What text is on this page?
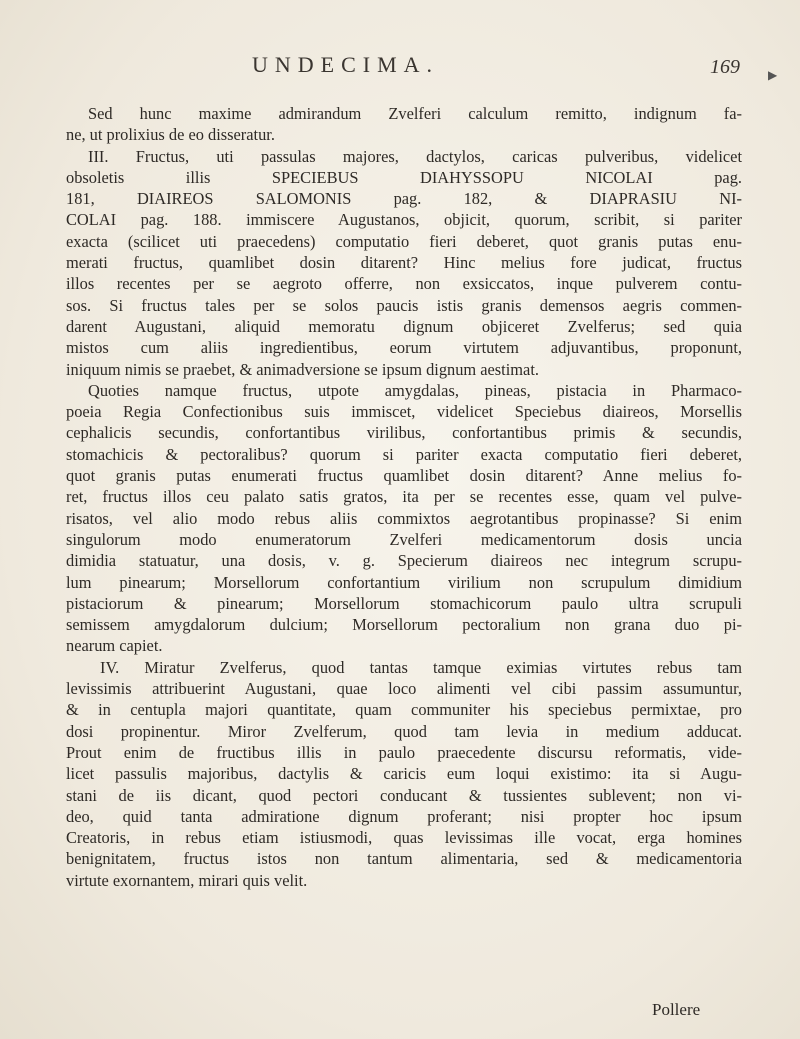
UNDECIMA.	169 ▶
Sed hunc maxime admirandum Zvelferi calculum remitto, indignum fa-
ne, ut prolixius de eo disseratur.
III. Fructus, uti passulas majores, dactylos, caricas pulveribus, videlicet
obsoletis illis SPECIEBUS DIAHYSSOPU NICOLAI pag.
181, DIAIREOS SALOMONIS pag. 182, & DIAPRASIU NI-
COLAI pag. 188. immiscere Augustanos, objicit, quorum, scribit, si pariter
exacta (scilicet uti praecedens) computatio fieri deberet, quot granis putas enu-
merati fructus, quamlibet dosin ditarent? Hinc melius fore judicat, fructus
illos recentes per se aegroto offerre, non exsiccatos, inque pulverem contu-
sos. Si fructus tales per se solos paucis istis granis demensos aegris commen-
darent Augustani, aliquid memoratu dignum objiceret Zvelferus; sed quia
mistos cum aliis ingredientibus, eorum virtutem adjuvantibus, proponunt,
iniquum nimis se praebet, & animadversione se ipsum dignum aestimat.
Quoties namque fructus, utpote amygdalas, pineas, pistacia in Pharmaco-
poeia Regia Confectionibus suis immiscet, videlicet Speciebus diaireos, Morsellis
cephalicis secundis, confortantibus virilibus, confortantibus primis & secundis,
stomachicis & pectoralibus? quorum si pariter exacta computatio fieri deberet,
quot granis putas enumerati fructus quamlibet dosin ditarent? Anne melius fo-
ret, fructus illos ceu palato satis gratos, ita per se recentes esse, quam vel pulve-
risatos, vel alio modo rebus aliis commixtos aegrotantibus propinasse? Si enim
singulorum modo enumeratorum Zvelferi medicamentorum dosis uncia
dimidia statuatur, una dosis, v. g. Specierum diaireos nec integrum scrupu-
lum pinearum; Morsellorum confortantium virilium non scrupulum dimidium
pistaciorum & pinearum; Morsellorum stomachicorum paulo ultra scrupuli
semissem amygdalorum dulcium; Morsellorum pectoralium non grana duo pi-
nearum capiet.
IV. Miratur Zvelferus, quod tantas tamque eximias virtutes rebus tam
levissimis attribuerint Augustani, quae loco alimenti vel cibi passim assumuntur,
& in centupla majori quantitate, quam communiter his speciebus permixtae, pro
dosi propinentur. Miror Zvelferum, quod tam levia in medium adducat.
Prout enim de fructibus illis in paulo praecedente discursu reformatis, vide-
licet passulis majoribus, dactylis & caricis eum loqui existimo: ita si Augu-
stani de iis dicant, quod pectori conducant & tussientes sublevent; non vi-
deo, quid tanta admiratione dignum proferant; nisi propter hoc ipsum
Creatoris, in rebus etiam istiusmodi, quas levissimas ille vocat, erga homines
benignitatem, fructus istos non tantum alimentaria, sed & medicamentoria
virtute exornantem, mirari quis velit.
Pollere
